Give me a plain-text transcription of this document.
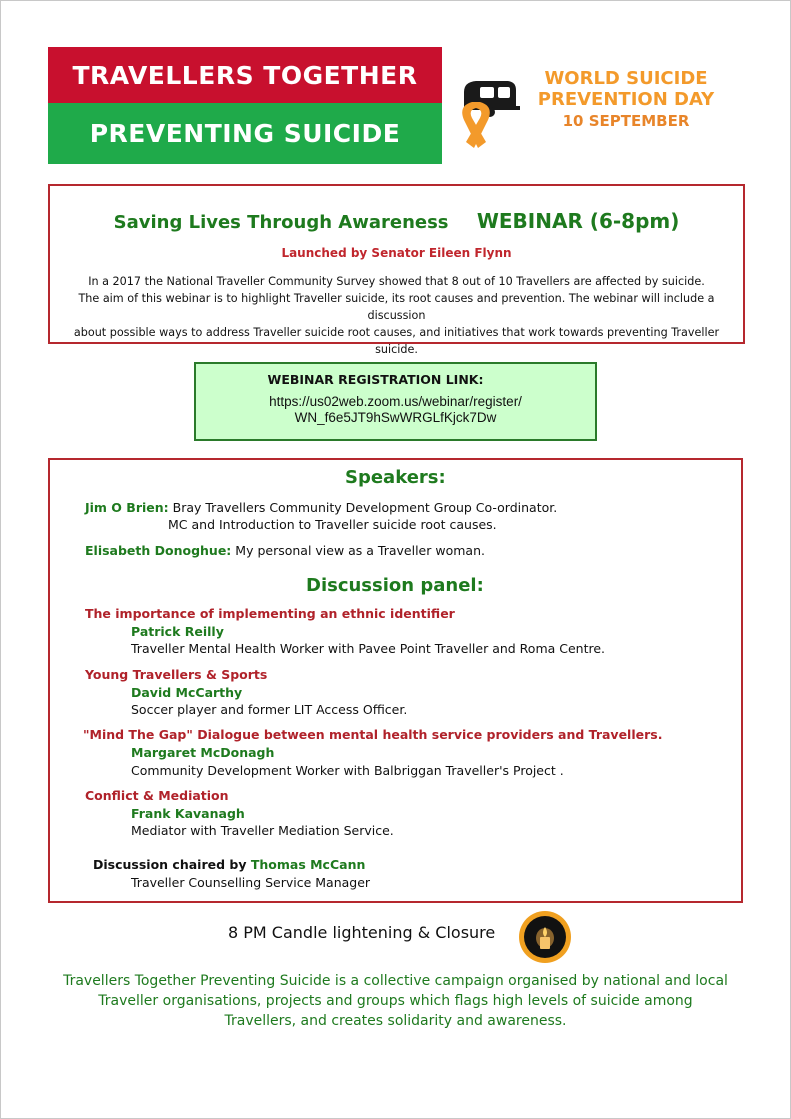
TRAVELLERS TOGETHER
PREVENTING SUICIDE
WORLD SUICIDE
PREVENTION DAY
10 SEPTEMBER
Saving Lives Through Awareness WEBINAR (6-8pm)
Launched by Senator Eileen Flynn
In a 2017 the National Traveller Community Survey showed that 8 out of 10 Travellers are affected by suicide.
The aim of this webinar is to highlight Traveller suicide, its root causes and prevention. The webinar will include a discussion
about possible ways to address Traveller suicide root causes, and initiatives that work towards preventing Traveller suicide.
WEBINAR REGISTRATION LINK:
https://us02web.zoom.us/webinar/register/
WN_f6e5JT9hSwWRGLfKjck7Dw
Speakers:
Jim O Brien: Bray Travellers Community Development Group Co-ordinator.
MC and Introduction to Traveller suicide root causes.
Elisabeth Donoghue: My personal view as a Traveller woman.
Discussion panel:
The importance of implementing an ethnic identifier
Patrick Reilly
Traveller Mental Health Worker with Pavee Point Traveller and Roma Centre.
Young Travellers & Sports
David McCarthy
Soccer player and former LIT Access Officer.
"Mind The Gap" Dialogue between mental health service providers and Travellers.
Margaret McDonagh
Community Development Worker with Balbriggan Traveller's Project .
Conflict & Mediation
Frank Kavanagh
Mediator with Traveller Mediation Service.
Discussion chaired by Thomas McCann
Traveller Counselling Service Manager
8 PM Candle lightening & Closure
Travellers Together Preventing Suicide is a collective campaign organised by national and local
Traveller organisations, projects and groups which flags high levels of suicide among
Travellers, and creates solidarity and awareness.
